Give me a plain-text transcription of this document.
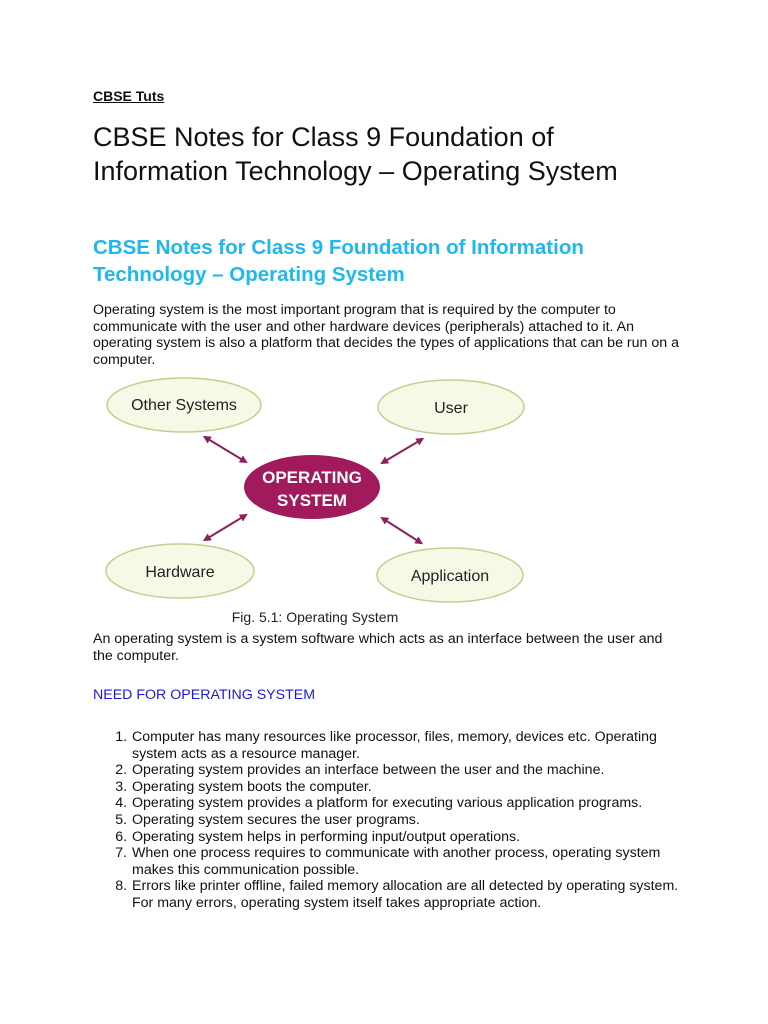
CBSE Tuts
CBSE Notes for Class 9 Foundation of Information Technology – Operating System
CBSE Notes for Class 9 Foundation of Information Technology – Operating System

Operating system is the most important program that is required by the computer to communicate with the user and other hardware devices (peripherals) attached to it. An operating system is also a platform that decides the types of applications that can be run on a computer.

An operating system is a system software which acts as an interface between the user and the computer.

NEED FOR OPERATING SYSTEM
1. Computer has many resources like processor, files, memory, devices etc. Operating system acts as a resource manager.
2. Operating system provides an interface between the user and the machine.
3. Operating system boots the computer.
4. Operating system provides a platform for executing various application programs.
5. Operating system secures the user programs.
6. Operating system helps in performing input/output operations.
7. When one process requires to communicate with another process, operating system makes this communication possible.
8. Errors like printer offline, failed memory allocation are all detected by operating system. For many errors, operating system itself takes appropriate action.
Other Systems	User
Hardware	Application
OPERATING
SYSTEM
Fig. 5.1: Operating System
